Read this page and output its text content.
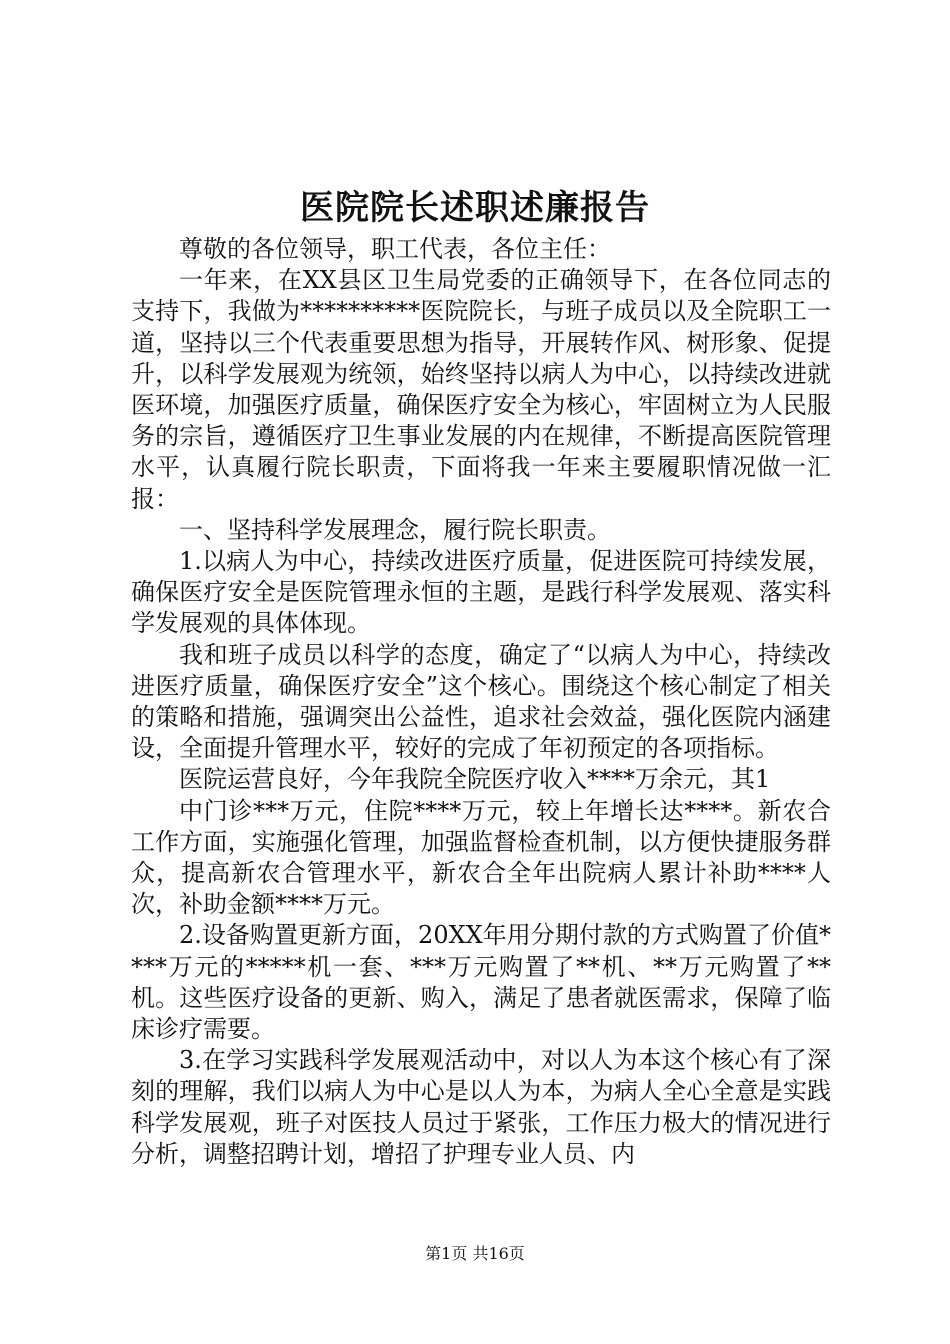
医院院长述职述廉报告

尊敬的各位领导，职工代表，各位主任：

一年来，在XX县区卫生局党委的正确领导下，在各位同志的支持下，我做为**********医院院长，与班子成员以及全院职工一道，坚持以三个代表重要思想为指导，开展转作风、树形象、促提升，以科学发展观为统领，始终坚持以病人为中心，以持续改进就医环境，加强医疗质量，确保医疗安全为核心，牢固树立为人民服务的宗旨，遵循医疗卫生事业发展的内在规律，不断提高医院管理水平，认真履行院长职责，下面将我一年来主要履职情况做一汇报：

一、坚持科学发展理念，履行院长职责。

1.以病人为中心，持续改进医疗质量，促进医院可持续发展，确保医疗安全是医院管理永恒的主题，是践行科学发展观、落实科学发展观的具体体现。

我和班子成员以科学的态度，确定了“以病人为中心，持续改进医疗质量，确保医疗安全”这个核心。围绕这个核心制定了相关的策略和措施，强调突出公益性，追求社会效益，强化医院内涵建设，全面提升管理水平，较好的完成了年初预定的各项指标。

医院运营良好，今年我院全院医疗收入****万余元，其1

中门诊***万元，住院****万元，较上年增长达****。新农合工作方面，实施强化管理，加强监督检查机制，以方便快捷服务群众，提高新农合管理水平，新农合全年出院病人累计补助****人次，补助金额****万元。

2.设备购置更新方面，20XX年用分期付款的方式购置了价值****万元的*****机一套、***万元购置了**机、**万元购置了**机。这些医疗设备的更新、购入，满足了患者就医需求，保障了临床诊疗需要。

3.在学习实践科学发展观活动中，对以人为本这个核心有了深刻的理解，我们以病人为中心是以人为本，为病人全心全意是实践科学发展观，班子对医技人员过于紧张，工作压力极大的情况进行分析，调整招聘计划，增招了护理专业人员、内

第1页 共16页
